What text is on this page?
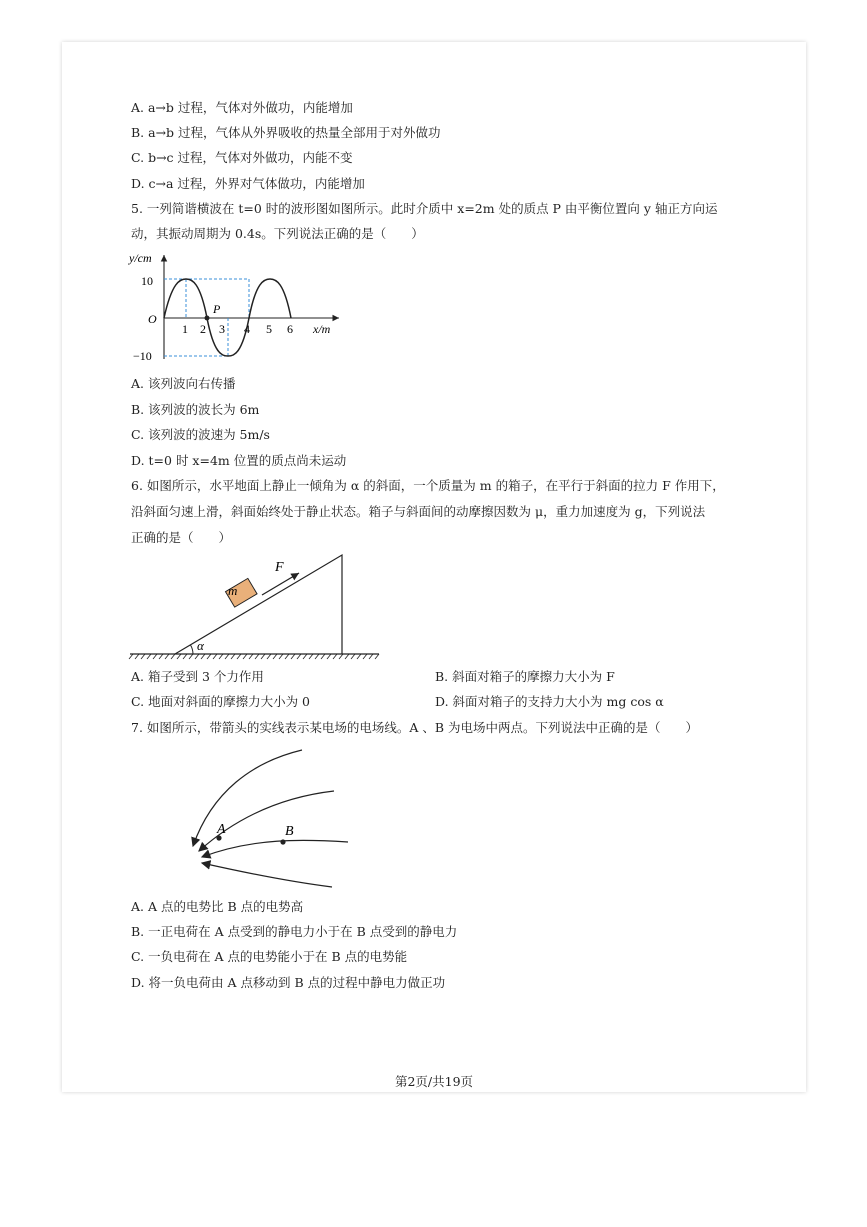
A. a→b 过程，气体对外做功，内能增加
B. a→b 过程，气体从外界吸收的热量全部用于对外做功
C. b→c 过程，气体对外做功，内能不变
D. c→a 过程，外界对气体做功，内能增加
5. 一列简谐横波在 t=0 时的波形图如图所示。此时介质中 x=2m 处的质点 P 由平衡位置向 y 轴正方向运
动，其振动周期为 0.4s。下列说法正确的是（　　）
y/cm
10
−10
O
1 2 3 4 5 6
P
x/m
A. 该列波向右传播
B. 该列波的波长为 6m
C. 该列波的波速为 5m/s
D. t=0 时 x=4m 位置的质点尚未运动
6. 如图所示，水平地面上静止一倾角为 α 的斜面，一个质量为 m 的箱子，在平行于斜面的拉力 F 作用下，
沿斜面匀速上滑，斜面始终处于静止状态。箱子与斜面间的动摩擦因数为 μ，重力加速度为 g，下列说法
正确的是（　　）
F
m
α
A. 箱子受到 3 个力作用	B. 斜面对箱子的摩擦力大小为 F
C. 地面对斜面的摩擦力大小为 0	D. 斜面对箱子的支持力大小为 mg cos α
7. 如图所示，带箭头的实线表示某电场的电场线。A 、B 为电场中两点。下列说法中正确的是（　　）
A	B
A. A 点的电势比 B 点的电势高
B. 一正电荷在 A 点受到的静电力小于在 B 点受到的静电力
C. 一负电荷在 A 点的电势能小于在 B 点的电势能
D. 将一负电荷由 A 点移动到 B 点的过程中静电力做正功
第2页/共19页
